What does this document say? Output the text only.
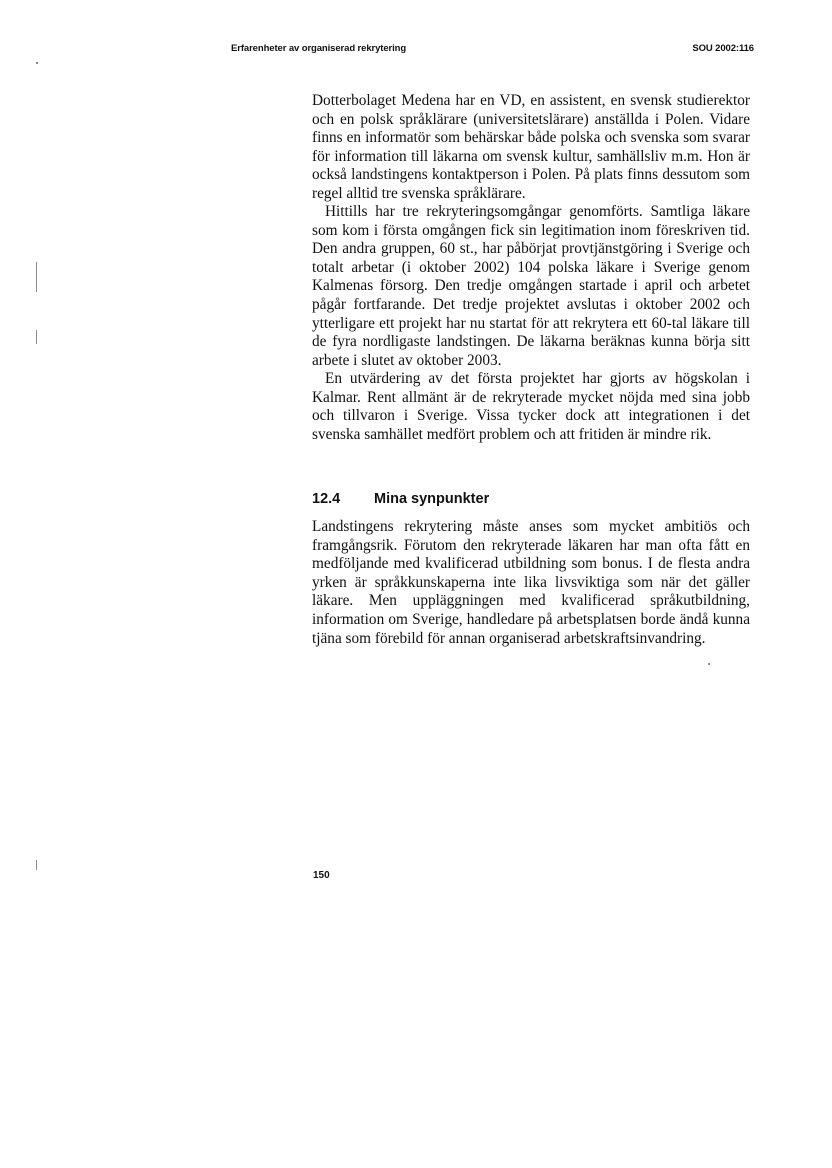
Erfarenheter av organiserad rekrytering	SOU 2002:116

Dotterbolaget Medena har en VD, en assistent, en svensk studierektor och en polsk språklärare (universitetslärare) anställda i Polen. Vidare finns en informatör som behärskar både polska och svenska som svarar för information till läkarna om svensk kultur, samhällsliv m.m. Hon är också landstingens kontaktperson i Polen. På plats finns dessutom som regel alltid tre svenska språklärare.

Hittills har tre rekryteringsomgångar genomförts. Samtliga läkare som kom i första omgången fick sin legitimation inom föreskriven tid. Den andra gruppen, 60 st., har påbörjat provtjänstgöring i Sverige och totalt arbetar (i oktober 2002) 104 polska läkare i Sverige genom Kalmenas försorg. Den tredje omgången startade i april och arbetet pågår fortfarande. Det tredje projektet avslutas i oktober 2002 och ytterligare ett projekt har nu startat för att rekrytera ett 60-tal läkare till de fyra nordligaste landstingen. De läkarna beräknas kunna börja sitt arbete i slutet av oktober 2003.

En utvärdering av det första projektet har gjorts av högskolan i Kalmar. Rent allmänt är de rekryterade mycket nöjda med sina jobb och tillvaron i Sverige. Vissa tycker dock att integrationen i det svenska samhället medfört problem och att fritiden är mindre rik.

12.4 Mina synpunkter

Landstingens rekrytering måste anses som mycket ambitiös och framgångsrik. Förutom den rekryterade läkaren har man ofta fått en medföljande med kvalificerad utbildning som bonus. I de flesta andra yrken är språkkunskaperna inte lika livsviktiga som när det gäller läkare. Men uppläggningen med kvalificerad språkutbildning, information om Sverige, handledare på arbetsplatsen borde ändå kunna tjäna som förebild för annan organiserad arbetskraftsinvandring.

150
